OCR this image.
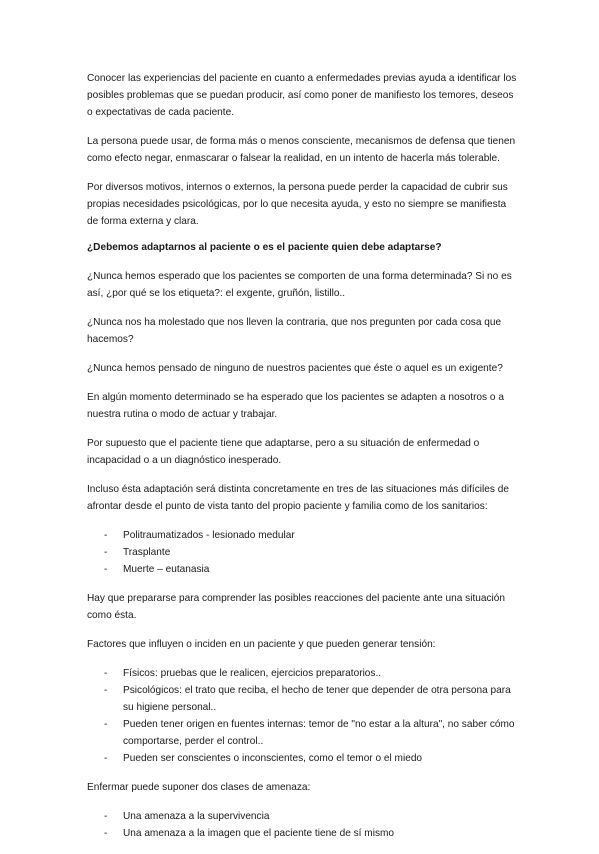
Conocer las experiencias del paciente en cuanto a enfermedades previas ayuda a identificar los posibles problemas que se puedan producir, así como poner de manifiesto los temores, deseos o expectativas de cada paciente.

La persona puede usar, de forma más o menos consciente, mecanismos de defensa que tienen como efecto negar, enmascarar o falsear la realidad, en un intento de hacerla más tolerable.

Por diversos motivos, internos o externos, la persona puede perder la capacidad de cubrir sus propias necesidades psicológicas, por lo que necesita ayuda, y esto no siempre se manifiesta de forma externa y clara.

¿Debemos adaptarnos al paciente o es el paciente quien debe adaptarse?

¿Nunca hemos esperado que los pacientes se comporten de una forma determinada? Si no es así, ¿por qué se los etiqueta?: el exgente, gruñón, listillo..

¿Nunca nos ha molestado que nos lleven la contraria, que nos pregunten por cada cosa que hacemos?

¿Nunca hemos pensado de ninguno de nuestros pacientes que éste o aquel es un exigente?

En algún momento determinado se ha esperado que los pacientes se adapten a nosotros o a nuestra rutina o modo de actuar y trabajar.

Por supuesto que el paciente tiene que adaptarse, pero a su situación de enfermedad o incapacidad o a un diagnóstico inesperado.

Incluso ésta adaptación será distinta concretamente en tres de las situaciones más difíciles de afrontar desde el punto de vista tanto del propio paciente y familia como de los sanitarios:

- Politraumatizados - lesionado medular
- Trasplante
- Muerte – eutanasia

Hay que prepararse para comprender las posibles reacciones del paciente ante una situación como ésta.

Factores que influyen o inciden en un paciente y que pueden generar tensión:

- Físicos: pruebas que le realicen, ejercicios preparatorios..
- Psicológicos: el trato que reciba, el hecho de tener que depender de otra persona para su higiene personal..
- Pueden tener origen en fuentes internas: temor de "no estar a la altura", no saber cómo comportarse, perder el control..
- Pueden ser conscientes o inconscientes, como el temor o el miedo

Enfermar puede suponer dos clases de amenaza:

- Una amenaza a la supervivencia
- Una amenaza a la imagen que el paciente tiene de sí mismo
